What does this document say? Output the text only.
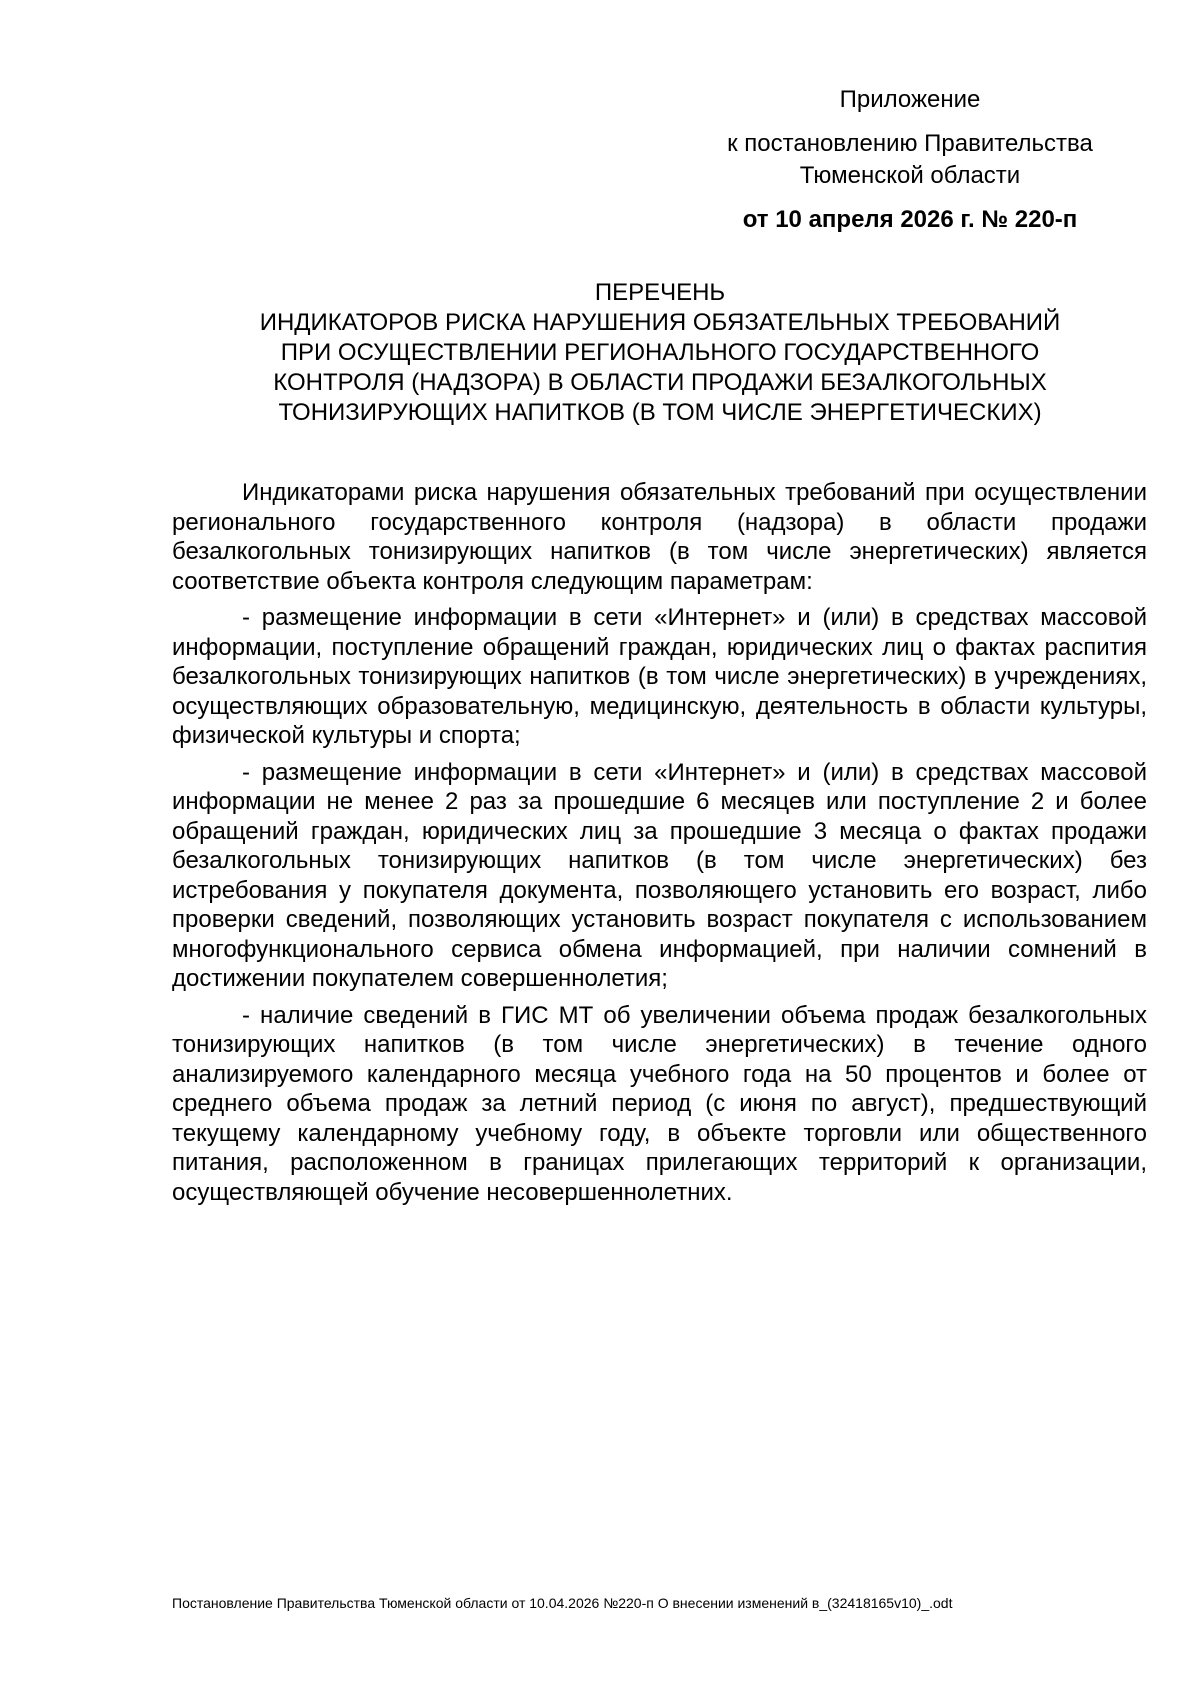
Приложение
к постановлению Правительства
Тюменской области
от 10 апреля 2026 г. № 220-п
ПЕРЕЧЕНЬ
ИНДИКАТОРОВ РИСКА НАРУШЕНИЯ ОБЯЗАТЕЛЬНЫХ ТРЕБОВАНИЙ
ПРИ ОСУЩЕСТВЛЕНИИ РЕГИОНАЛЬНОГО ГОСУДАРСТВЕННОГО
КОНТРОЛЯ (НАДЗОРА) В ОБЛАСТИ ПРОДАЖИ БЕЗАЛКОГОЛЬНЫХ
ТОНИЗИРУЮЩИХ НАПИТКОВ (В ТОМ ЧИСЛЕ ЭНЕРГЕТИЧЕСКИХ)

Индикаторами риска нарушения обязательных требований при осуществлении регионального государственного контроля (надзора) в области продажи безалкогольных тонизирующих напитков (в том числе энергетических) является соответствие объекта контроля следующим параметрам:

- размещение информации в сети «Интернет» и (или) в средствах массовой информации, поступление обращений граждан, юридических лиц о фактах распития безалкогольных тонизирующих напитков (в том числе энергетических) в учреждениях, осуществляющих образовательную, медицинскую, деятельность в области культуры, физической культуры и спорта;

- размещение информации в сети «Интернет» и (или) в средствах массовой информации не менее 2 раз за прошедшие 6 месяцев или поступление 2 и более обращений граждан, юридических лиц за прошедшие 3 месяца о фактах продажи безалкогольных тонизирующих напитков (в том числе энергетических) без истребования у покупателя документа, позволяющего установить его возраст, либо проверки сведений, позволяющих установить возраст покупателя с использованием многофункционального сервиса обмена информацией, при наличии сомнений в достижении покупателем совершеннолетия;

- наличие сведений в ГИС МТ об увеличении объема продаж безалкогольных тонизирующих напитков (в том числе энергетических) в течение одного анализируемого календарного месяца учебного года на 50 процентов и более от среднего объема продаж за летний период (с июня по август), предшествующий текущему календарному учебному году, в объекте торговли или общественного питания, расположенном в границах прилегающих территорий к организации, осуществляющей обучение несовершеннолетних.

Постановление Правительства Тюменской области от 10.04.2026 №220-п О внесении изменений в_(32418165v10)_.odt
